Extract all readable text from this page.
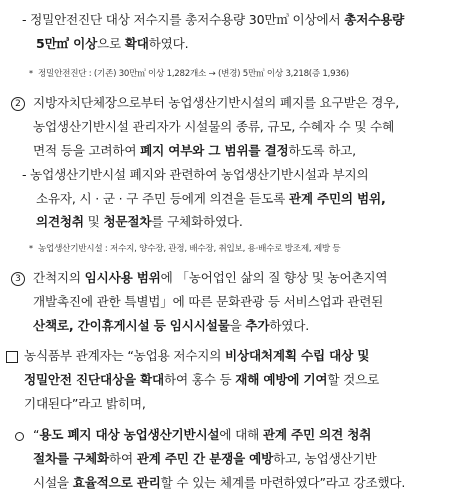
- 정밀안전진단 대상 저수지를 총저수용량 30만㎥ 이상에서 총저수용량
5만㎥ 이상으로 확대하였다.
* 정밀안전진단 : (기존) 30만㎥ 이상 1,282개소 → (변경) 5만㎥ 이상 3,218(증 1,936)
2 지방자치단체장으로부터 농업생산기반시설의 폐지를 요구받은 경우,
농업생산기반시설 관리자가 시설물의 종류, 규모, 수혜자 수 및 수혜
면적 등을 고려하여 폐지 여부와 그 범위를 결정하도록 하고,
- 농업생산기반시설 폐지와 관련하여 농업생산기반시설과 부지의
소유자, 시 · 군 · 구 주민 등에게 의견을 듣도록 관계 주민의 범위,
의견청취 및 청문절차를 구체화하였다.
* 농업생산기반시설 : 저수지, 양수장, 관정, 배수장, 취입보, 용·배수로 방조제, 제방 등
3 간척지의 임시사용 범위에 「농어업인 삶의 질 향상 및 농어촌지역
개발촉진에 관한 특별법」에 따른 문화관광 등 서비스업과 관련된
산책로, 간이휴게시설 등 임시시설물을 추가하였다.
농식품부 관계자는 “농업용 저수지의 비상대처계획 수립 대상 및
정밀안전 진단대상을 확대하여 홍수 등 재해 예방에 기여할 것으로
기대된다”라고 밝히며,
“용도 폐지 대상 농업생산기반시설에 대해 관계 주민 의견 청취
절차를 구체화하여 관계 주민 간 분쟁을 예방하고, 농업생산기반
시설을 효율적으로 관리할 수 있는 체계를 마련하였다”라고 강조했다.
